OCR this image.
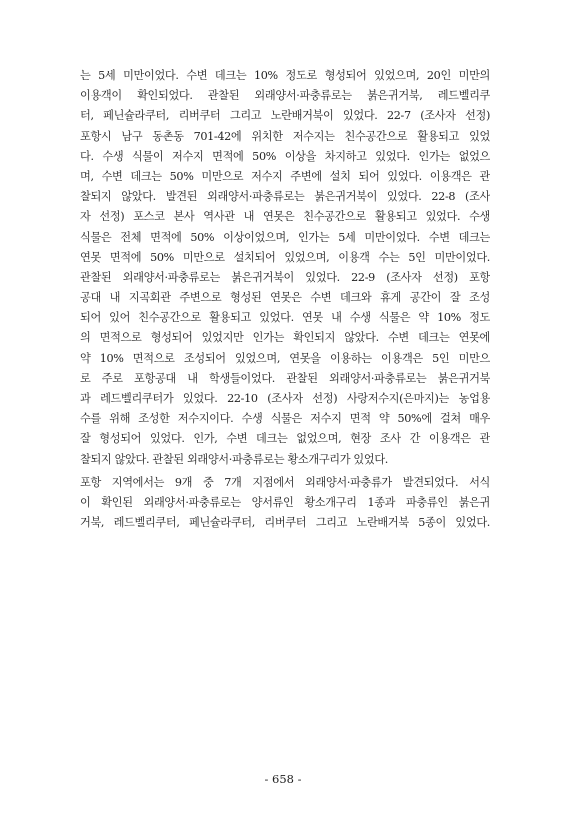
는 5세 미만이었다. 수변 데크는 10% 정도로 형성되어 있었으며, 20인 미만의
이용객이 확인되었다. 관찰된 외래양서·파충류로는 붉은귀거북, 레드벨리쿠
터, 페닌슐라쿠터, 리버쿠터 그리고 노란배거북이 있었다. 22-7 (조사자 선정)
포항시 남구 동촌동 701-42에 위치한 저수지는 친수공간으로 활용되고 있었
다. 수생 식물이 저수지 면적에 50% 이상을 차지하고 있었다. 인가는 없었으
며, 수변 데크는 50% 미만으로 저수지 주변에 설치 되어 있었다. 이용객은 관
찰되지 않았다. 발견된 외래양서·파충류로는 붉은귀거북이 있었다. 22-8 (조사
자 선정) 포스코 본사 역사관 내 연못은 친수공간으로 활용되고 있었다. 수생
식물은 전체 면적에 50% 이상이었으며, 인가는 5세 미만이었다. 수변 데크는
연못 면적에 50% 미만으로 설치되어 있었으며, 이용객 수는 5인 미만이었다.
관찰된 외래양서·파충류로는 붉은귀거북이 있었다. 22-9 (조사자 선정) 포항
공대 내 지곡회관 주변으로 형성된 연못은 수변 데크와 휴게 공간이 잘 조성
되어 있어 친수공간으로 활용되고 있었다. 연못 내 수생 식물은 약 10% 정도
의 면적으로 형성되어 있었지만 인가는 확인되지 않았다. 수변 데크는 연못에
약 10% 면적으로 조성되어 있었으며, 연못을 이용하는 이용객은 5인 미만으
로 주로 포항공대 내 학생들이었다. 관찰된 외래양서·파충류로는 붉은귀거북
과 레드벨리쿠터가 있었다. 22-10 (조사자 선정) 사랑저수지(은마지)는 농업용
수를 위해 조성한 저수지이다. 수생 식물은 저수지 면적 약 50%에 걸쳐 매우
잘 형성되어 있었다. 인가, 수변 데크는 없었으며, 현장 조사 간 이용객은 관
찰되지 않았다. 관찰된 외래양서·파충류로는 황소개구리가 있었다.
포항 지역에서는 9개 중 7개 지점에서 외래양서·파충류가 발견되었다. 서식
이 확인된 외래양서·파충류로는 양서류인 황소개구리 1종과 파충류인 붉은귀
거북, 레드벨리쿠터, 페닌슐라쿠터, 리버쿠터 그리고 노란배거북 5종이 있었다.
- 658 -
